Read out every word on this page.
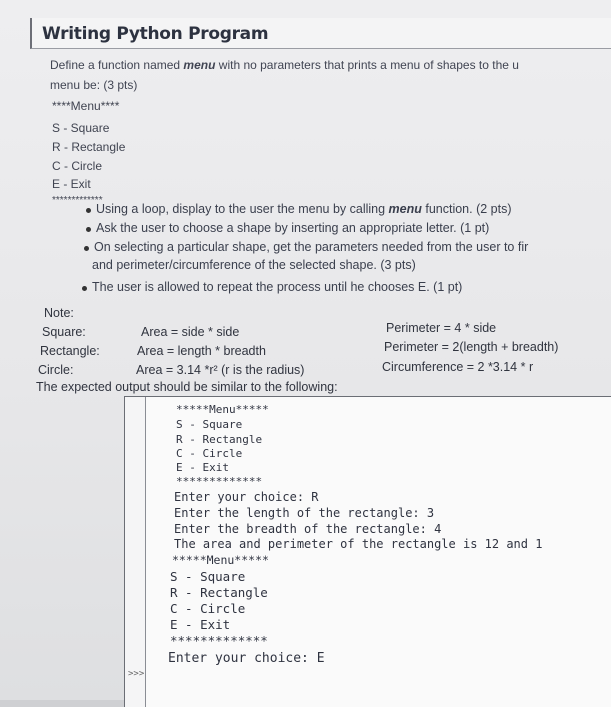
Writing Python Program
Define a function named menu with no parameters that prints a menu of shapes to the u
menu be: (3 pts)
****Menu****
S - Square
R - Rectangle
C - Circle
E - Exit
*************
Using a loop, display to the user the menu by calling menu function. (2 pts)
Ask the user to choose a shape by inserting an appropriate letter. (1 pt)
On selecting a particular shape, get the parameters needed from the user to fir
and perimeter/circumference of the selected shape. (3 pts)
The user is allowed to repeat the process until he chooses E. (1 pt)
Note:
Square:	Area = side * side	Perimeter = 4 * side
Rectangle:	Area = length * breadth	Perimeter = 2(length + breadth)
Circle:	Area = 3.14 *r² (r is the radius)	Circumference = 2 *3.14 * r
The expected output should be similar to the following:
>>>
*****Menu*****
S - Square
R - Rectangle
C - Circle
E - Exit
*************
Enter your choice: R
Enter the length of the rectangle: 3
Enter the breadth of the rectangle: 4
The area and perimeter of the rectangle is 12 and 1
*****Menu*****
S - Square
R - Rectangle
C - Circle
E - Exit
*************
Enter your choice: E
